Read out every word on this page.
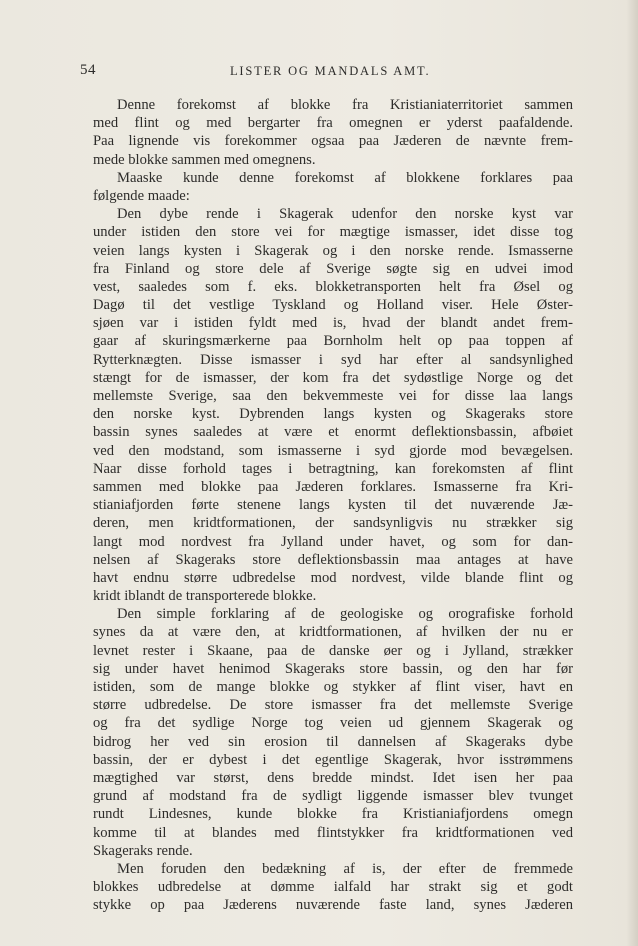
54	LISTER OG MANDALS AMT.
Denne forekomst af blokke fra Kristianiaterritoriet sammen
med flint og med bergarter fra omegnen er yderst paafaldende.
Paa lignende vis forekommer ogsaa paa Jæderen de nævnte frem-
mede blokke sammen med omegnens.
Maaske kunde denne forekomst af blokkene forklares paa
følgende maade:
Den dybe rende i Skagerak udenfor den norske kyst var
under istiden den store vei for mægtige ismasser, idet disse tog
veien langs kysten i Skagerak og i den norske rende. Ismasserne
fra Finland og store dele af Sverige søgte sig en udvei imod
vest, saaledes som f. eks. blokketransporten helt fra Øsel og
Dagø til det vestlige Tyskland og Holland viser. Hele Øster-
sjøen var i istiden fyldt med is, hvad der blandt andet frem-
gaar af skuringsmærkerne paa Bornholm helt op paa toppen af
Rytterknægten. Disse ismasser i syd har efter al sandsynlighed
stængt for de ismasser, der kom fra det sydøstlige Norge og det
mellemste Sverige, saa den bekvemmeste vei for disse laa langs
den norske kyst. Dybrenden langs kysten og Skageraks store
bassin synes saaledes at være et enormt deflektionsbassin, afbøiet
ved den modstand, som ismasserne i syd gjorde mod bevægelsen.
Naar disse forhold tages i betragtning, kan forekomsten af flint
sammen med blokke paa Jæderen forklares. Ismasserne fra Kri-
stianiafjorden førte stenene langs kysten til det nuværende Jæ-
deren, men kridtformationen, der sandsynligvis nu strækker sig
langt mod nordvest fra Jylland under havet, og som for dan-
nelsen af Skageraks store deflektionsbassin maa antages at have
havt endnu større udbredelse mod nordvest, vilde blande flint og
kridt iblandt de transporterede blokke.
Den simple forklaring af de geologiske og orografiske forhold
synes da at være den, at kridtformationen, af hvilken der nu er
levnet rester i Skaane, paa de danske øer og i Jylland, strækker
sig under havet henimod Skageraks store bassin, og den har før
istiden, som de mange blokke og stykker af flint viser, havt en
større udbredelse. De store ismasser fra det mellemste Sverige
og fra det sydlige Norge tog veien ud gjennem Skagerak og
bidrog her ved sin erosion til dannelsen af Skageraks dybe
bassin, der er dybest i det egentlige Skagerak, hvor isstrømmens
mægtighed var størst, dens bredde mindst. Idet isen her paa
grund af modstand fra de sydligt liggende ismasser blev tvunget
rundt Lindesnes, kunde blokke fra Kristianiafjordens omegn
komme til at blandes med flintstykker fra kridtformationen ved
Skageraks rende.
Men foruden den bedækning af is, der efter de fremmede
blokkes udbredelse at dømme ialfald har strakt sig et godt
stykke op paa Jæderens nuværende faste land, synes Jæderen
